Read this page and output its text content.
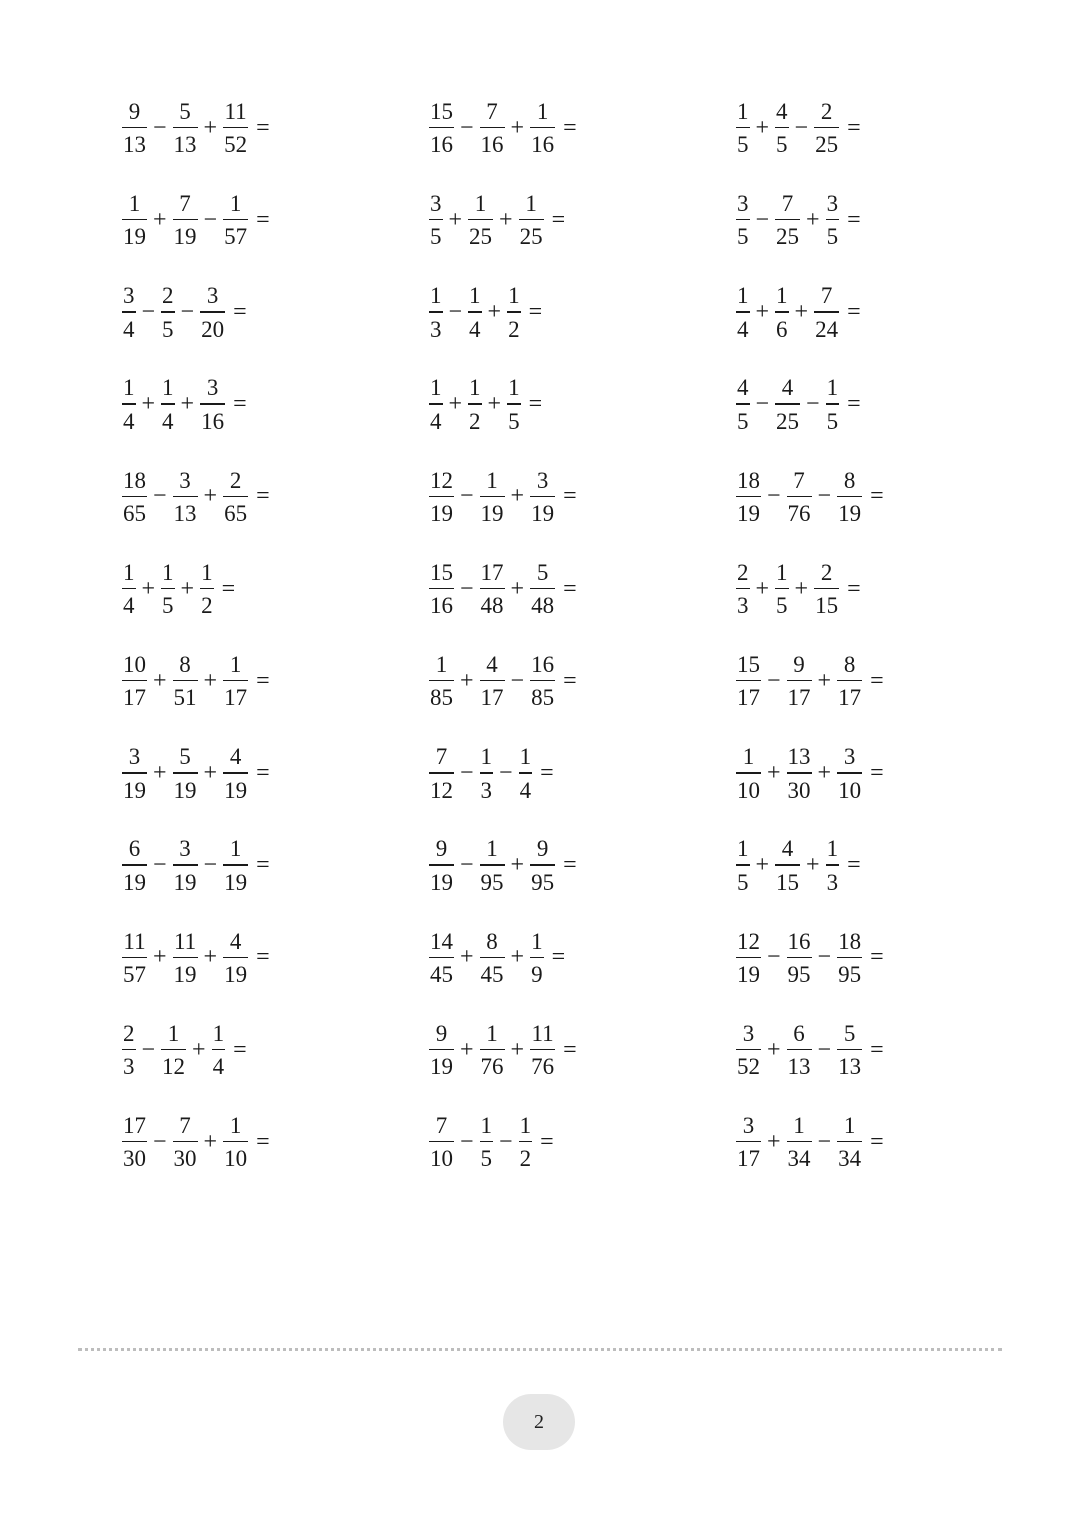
$\frac{9}{13} - \frac{5}{13} + \frac{11}{52}$ =	$\frac{15}{16} - \frac{7}{16} + \frac{1}{16}$ =	$\frac{1}{5} + \frac{4}{5} - \frac{2}{25}$ =
$\frac{1}{19} + \frac{7}{19} - \frac{1}{57}$ =	$\frac{3}{5} + \frac{1}{25} + \frac{1}{25}$ =	$\frac{3}{5} - \frac{7}{25} + \frac{3}{5}$ =
$\frac{3}{4} - \frac{2}{5} - \frac{3}{20}$ =	$\frac{1}{3} - \frac{1}{4} + \frac{1}{2}$ =	$\frac{1}{4} + \frac{1}{6} + \frac{7}{24}$ =
$\frac{1}{4} + \frac{1}{4} + \frac{3}{16}$ =	$\frac{1}{4} + \frac{1}{2} + \frac{1}{5}$ =	$\frac{4}{5} - \frac{4}{25} - \frac{1}{5}$ =
$\frac{18}{65} - \frac{3}{13} + \frac{2}{65}$ =	$\frac{12}{19} - \frac{1}{19} + \frac{3}{19}$ =	$\frac{18}{19} - \frac{7}{76} - \frac{8}{19}$ =
$\frac{1}{4} + \frac{1}{5} + \frac{1}{2}$ =	$\frac{15}{16} - \frac{17}{48} + \frac{5}{48}$ =	$\frac{2}{3} + \frac{1}{5} + \frac{2}{15}$ =
$\frac{10}{17} + \frac{8}{51} + \frac{1}{17}$ =	$\frac{1}{85} + \frac{4}{17} - \frac{16}{85}$ =	$\frac{15}{17} - \frac{9}{17} + \frac{8}{17}$ =
$\frac{3}{19} + \frac{5}{19} + \frac{4}{19}$ =	$\frac{7}{12} - \frac{1}{3} - \frac{1}{4}$ =	$\frac{1}{10} + \frac{13}{30} + \frac{3}{10}$ =
$\frac{6}{19} - \frac{3}{19} - \frac{1}{19}$ =	$\frac{9}{19} - \frac{1}{95} + \frac{9}{95}$ =	$\frac{1}{5} + \frac{4}{15} + \frac{1}{3}$ =
$\frac{11}{57} + \frac{11}{19} + \frac{4}{19}$ =	$\frac{14}{45} + \frac{8}{45} + \frac{1}{9}$ =	$\frac{12}{19} - \frac{16}{95} - \frac{18}{95}$ =
$\frac{2}{3} - \frac{1}{12} + \frac{1}{4}$ =	$\frac{9}{19} + \frac{1}{76} + \frac{11}{76}$ =	$\frac{3}{52} + \frac{6}{13} - \frac{5}{13}$ =
$\frac{17}{30} - \frac{7}{30} + \frac{1}{10}$ =	$\frac{7}{10} - \frac{1}{5} - \frac{1}{2}$ =	$\frac{3}{17} + \frac{1}{34} - \frac{1}{34}$ =
2
